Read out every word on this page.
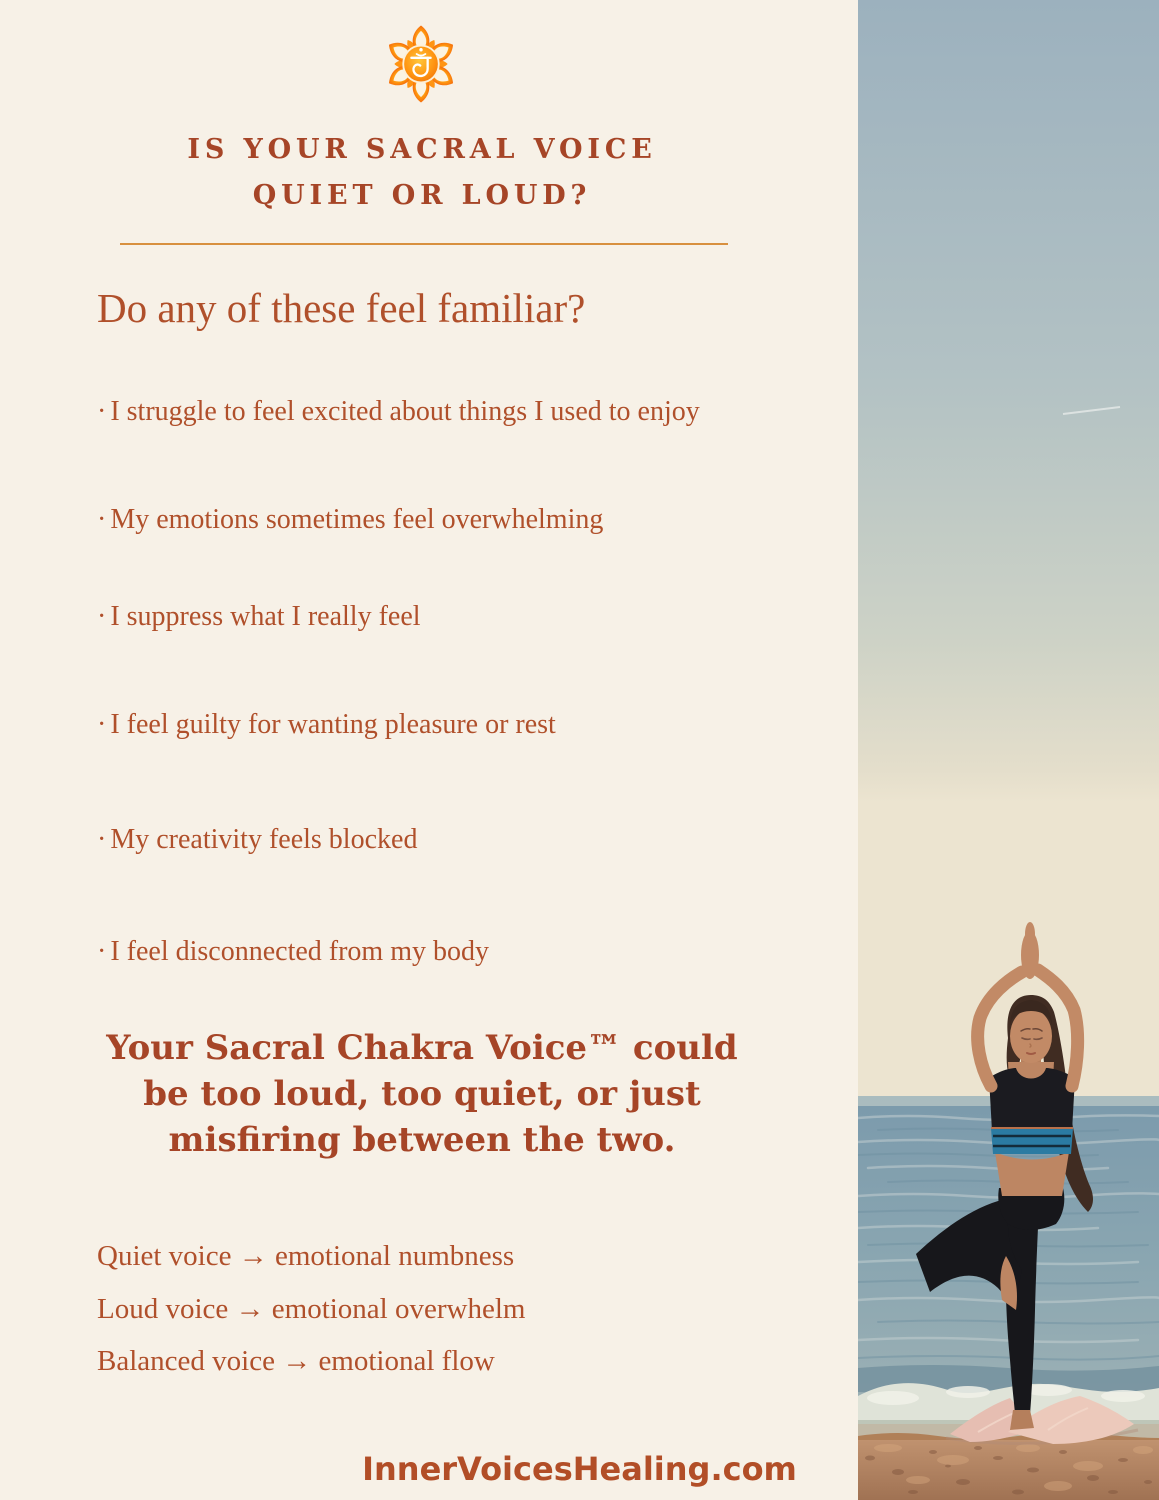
IS YOUR SACRAL VOICE
QUIET OR LOUD?
Do any of these feel familiar?
· I struggle to feel excited about things I used to enjoy
· My emotions sometimes feel overwhelming
· I suppress what I really feel
· I feel guilty for wanting pleasure or rest
· My creativity feels blocked
· I feel disconnected from my body
Your Sacral Chakra Voice™ could
be too loud, too quiet, or just
misfiring between the two.
Quiet voice → emotional numbness
Loud voice → emotional overwhelm
Balanced voice → emotional flow
InnerVoicesHealing.com
